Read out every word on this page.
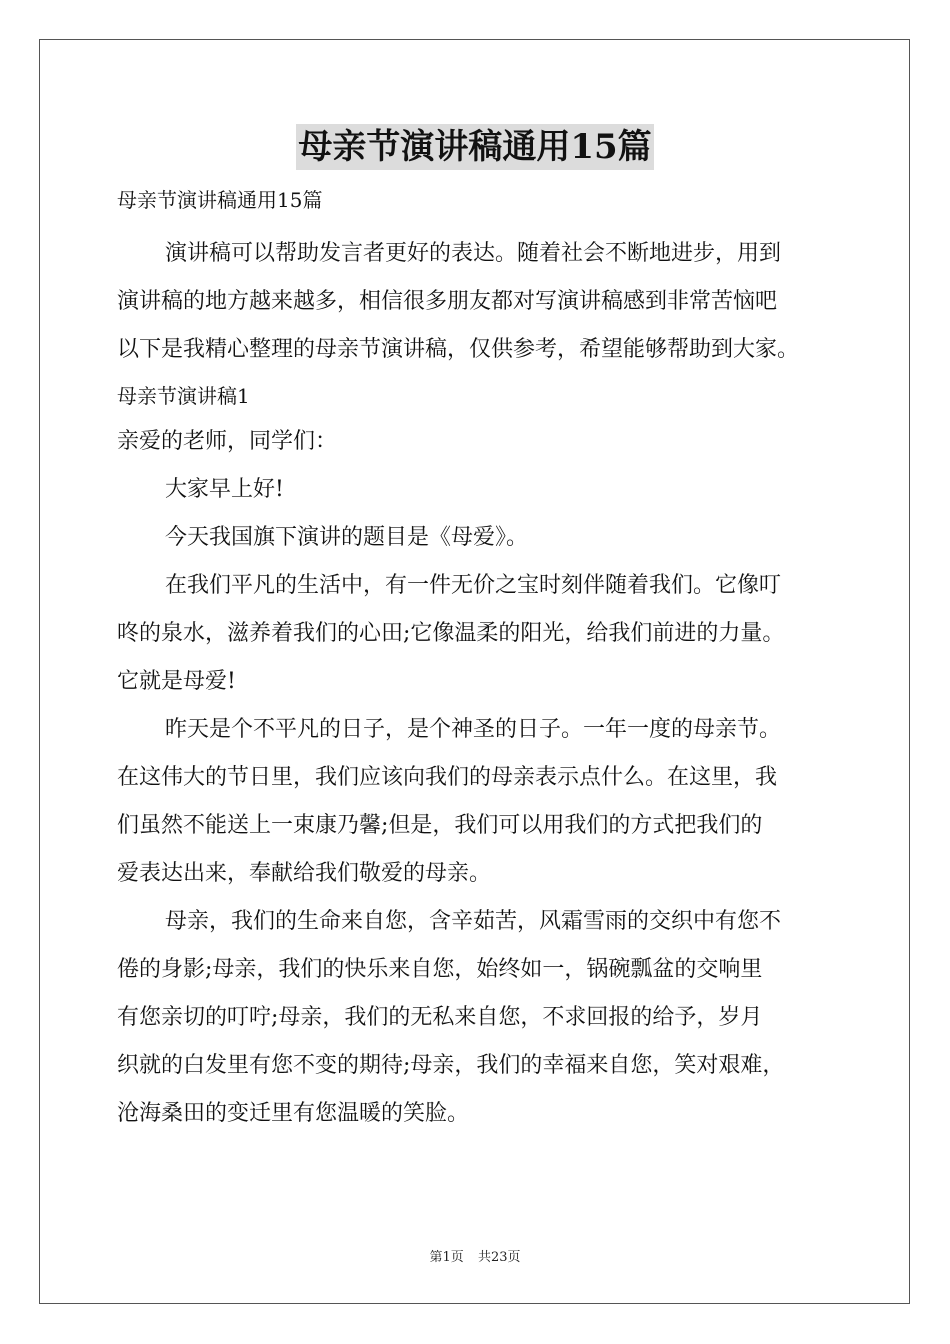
母亲节演讲稿通用15篇
母亲节演讲稿通用15篇
演讲稿可以帮助发言者更好的表达。随着社会不断地进步，用到
演讲稿的地方越来越多，相信很多朋友都对写演讲稿感到非常苦恼吧
以下是我精心整理的母亲节演讲稿，仅供参考，希望能够帮助到大家。
母亲节演讲稿1
亲爱的老师，同学们：
大家早上好!
今天我国旗下演讲的题目是《母爱》。
在我们平凡的生活中，有一件无价之宝时刻伴随着我们。它像叮
咚的泉水，滋养着我们的心田;它像温柔的阳光，给我们前进的力量。
它就是母爱!
昨天是个不平凡的日子，是个神圣的日子。一年一度的母亲节。
在这伟大的节日里，我们应该向我们的母亲表示点什么。在这里，我
们虽然不能送上一束康乃馨;但是，我们可以用我们的方式把我们的
爱表达出来，奉献给我们敬爱的母亲。
母亲，我们的生命来自您，含辛茹苦，风霜雪雨的交织中有您不
倦的身影;母亲，我们的快乐来自您，始终如一，锅碗瓢盆的交响里
有您亲切的叮咛;母亲，我们的无私来自您，不求回报的给予，岁月
织就的白发里有您不变的期待;母亲，我们的幸福来自您，笑对艰难，
沧海桑田的变迁里有您温暖的笑脸。
第1页 共23页
